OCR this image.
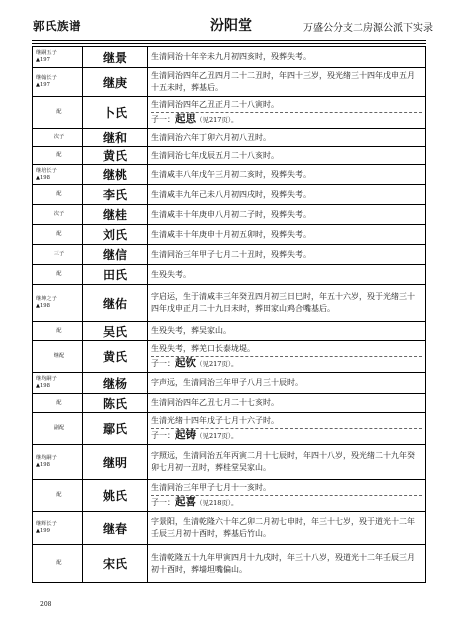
郭氏族谱	汾阳堂	万盛公分支二房源公派下实录
继嗣五子
▲197	继景	生清同治十年辛未九月初四亥时，殁葬失考。

继翰长子
▲197	继庚	生清同治四年乙丑四月二十二丑时，年四十三岁，殁光绪三十四年戊申五月十五未时，葬基后。

配	卜氏	生清同治四年乙丑正月二十八寅时。
子一：起思（见217页）。

次子	继和	生清同治六年丁卯六月初八丑时。

配	黄氏	生清同治七年戊辰五月二十八亥时。

继培长子
▲198	继桃	生清咸丰八年戊午三月初二亥时，殁葬失考。

配	李氏	生清咸丰九年己未八月初四戌时，殁葬失考。

次子	继桂	生清咸丰十年庚申八月初二子时，殁葬失考。

配	刘氏	生清咸丰十年庚申十月初五卯时，殁葬失考。

三子	继信	生清同治三年甲子七月二十丑时，殁葬失考。

配	田氏	生殁失考。

继坤之子
▲198	继佑	字启运，生于清咸丰三年癸丑四月初三日巳时，年五十六岁，殁于光绪三十四年戊申正月二十九日未时，葬田家山鸡合嘴基后。

配	吴氏	生殁失考，葬吴家山。

继配	黄氏	生殁失考，葬羌口长泰垅堤。
子一：起钦（见217页）。

继均嗣子
▲198	继杨	字声远，生清同治三年甲子八月三十辰时。

配	陈氏	生清同治四年乙丑七月二十七亥时。

副配	鄢氏	生清光绪十四年戊子七月十六子时。
子一：起铸（见217页）。

继均嗣子
▲198	继明	字照远，生清同治五年丙寅二月十七辰时，年四十八岁，殁光绪二十九年癸卯七月初一丑时，葬桂堂吴家山。

配	姚氏	生清同治三年甲子七月十一亥时。
子一：起喜（见218页）。

继辉长子
▲199	继春	字景阳，生清乾隆六十年乙卯二月初七申时，年三十七岁，殁于道光十二年壬辰三月初十酉时，葬基后竹山。

配	宋氏	生清乾隆五十九年甲寅四月十九戌时，年三十八岁，殁道光十二年壬辰三月初十酉时，葬墙坦嘴偏山。
208
